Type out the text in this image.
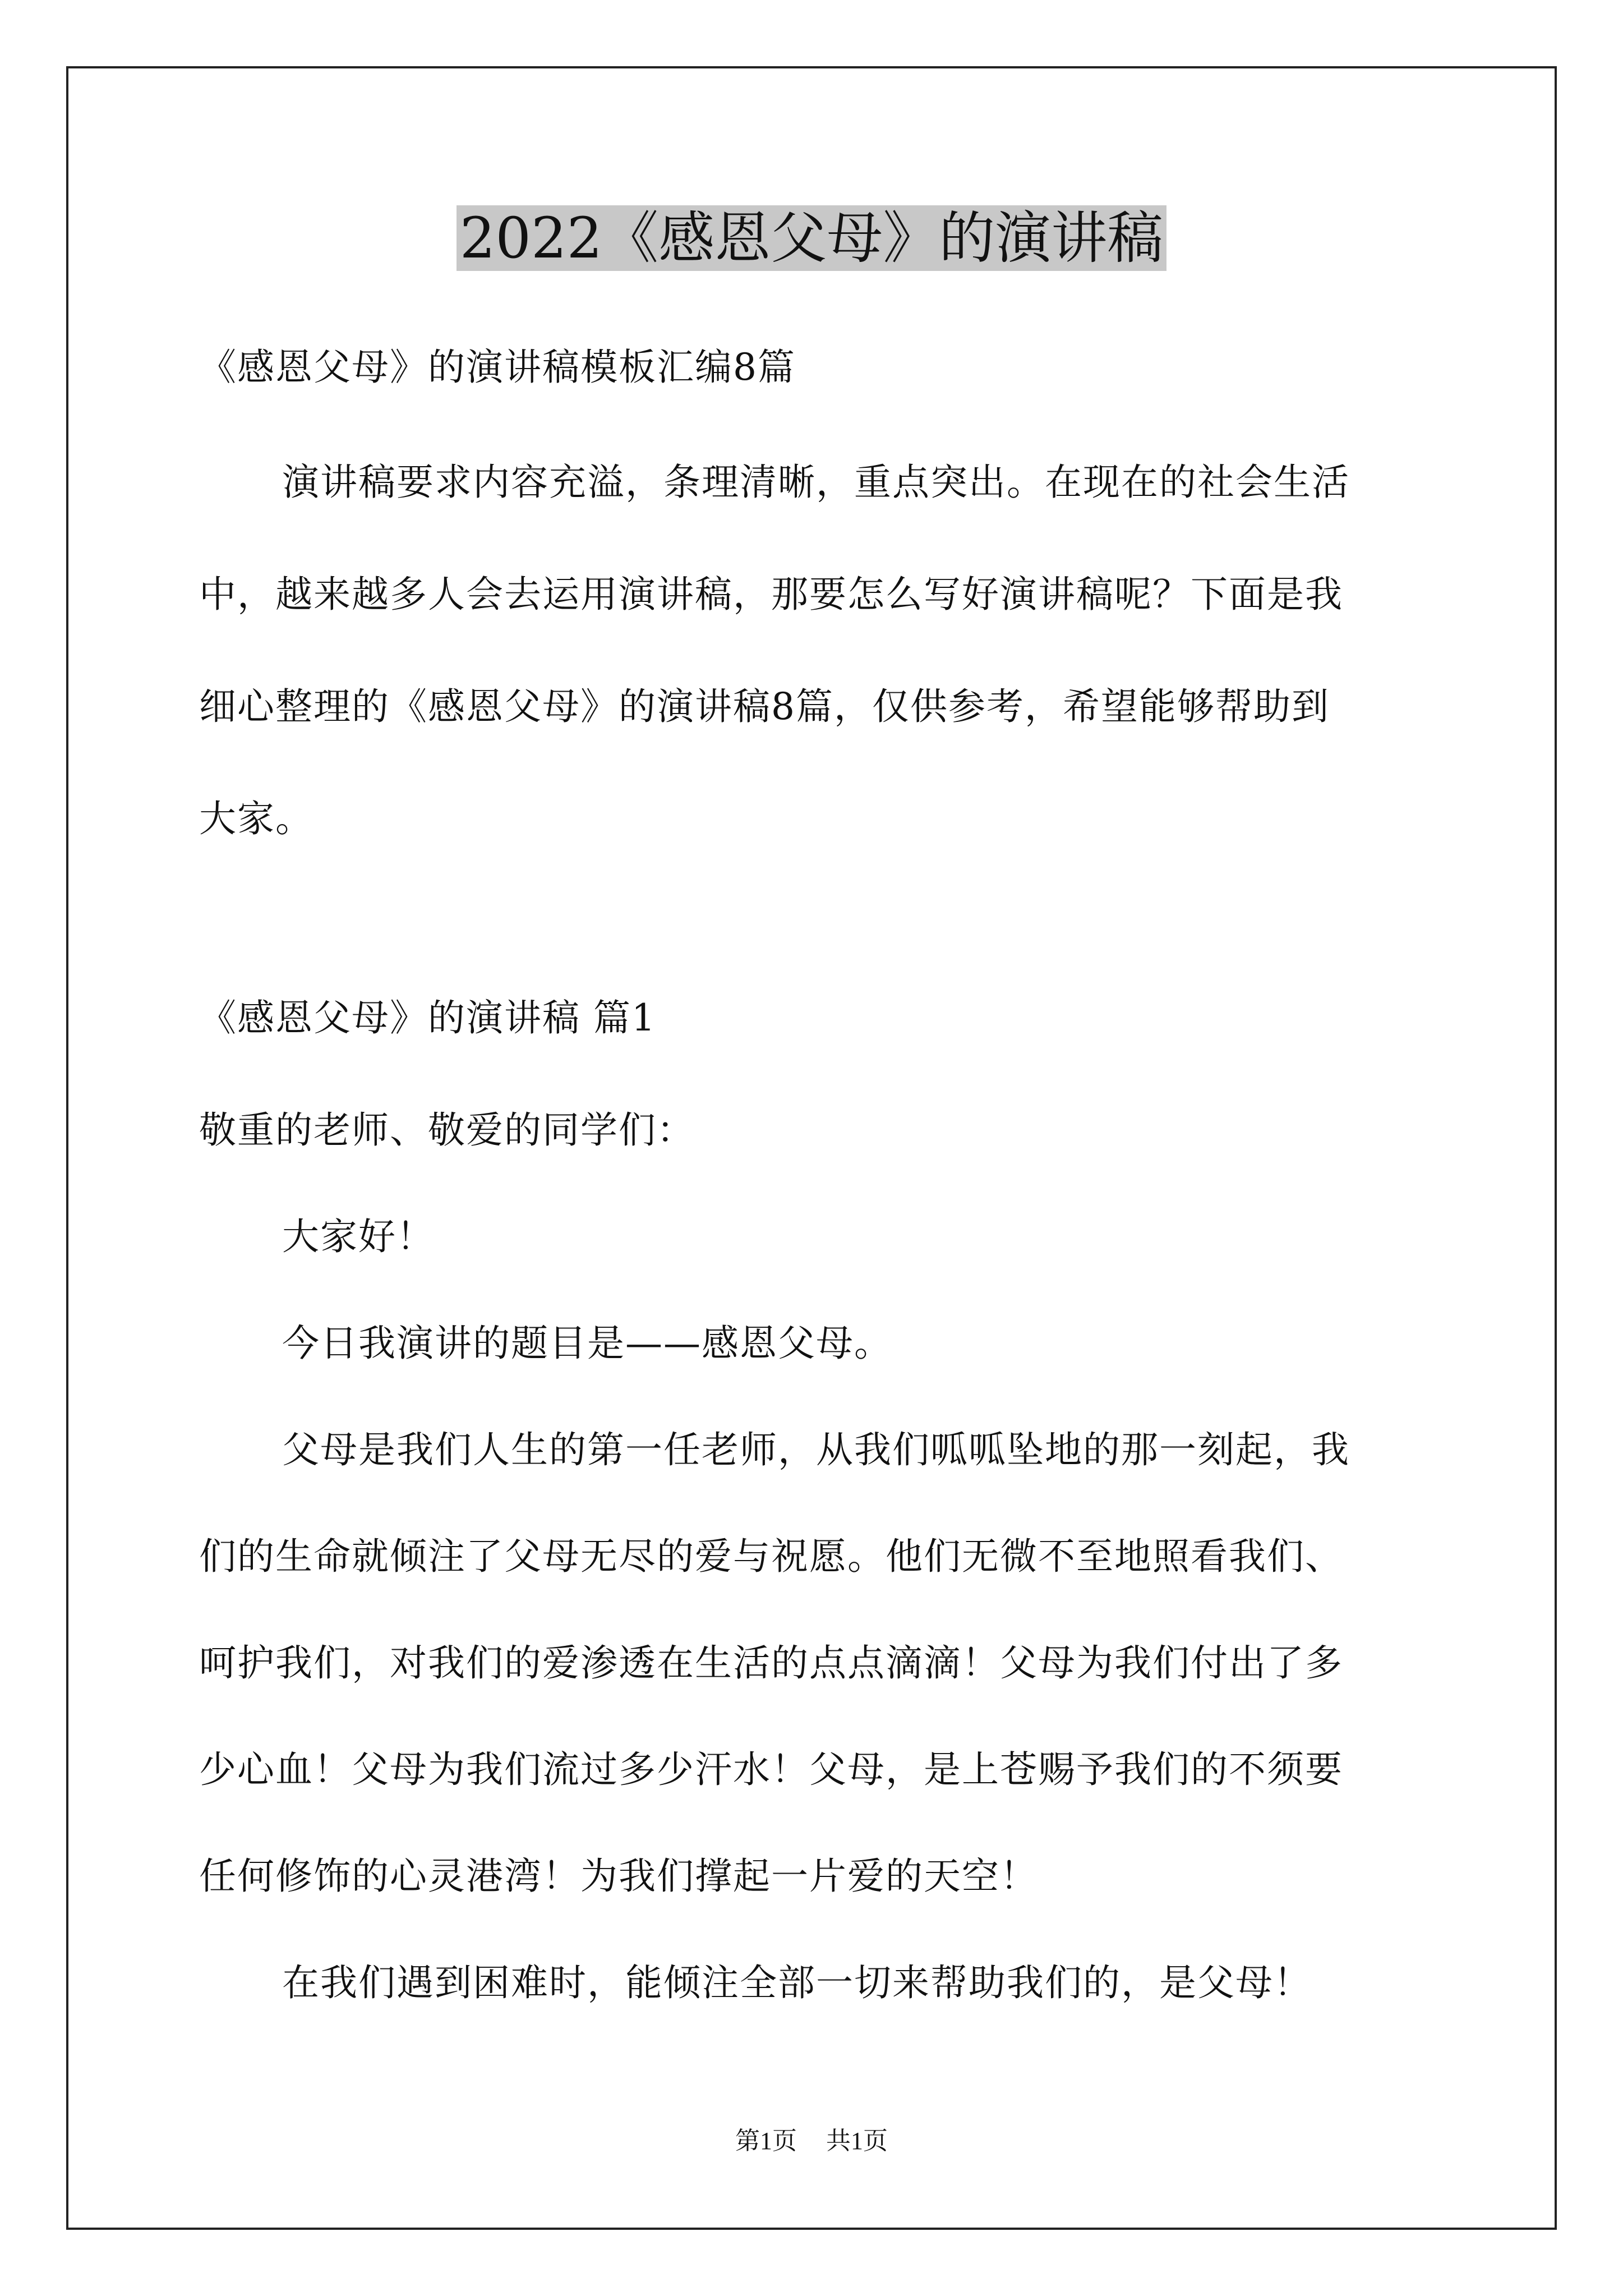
2022《感恩父母》的演讲稿
《感恩父母》的演讲稿模板汇编8篇
演讲稿要求内容充溢，条理清晰，重点突出。在现在的社会生活
中，越来越多人会去运用演讲稿，那要怎么写好演讲稿呢？下面是我
细心整理的《感恩父母》的演讲稿8篇，仅供参考，希望能够帮助到
大家。
《感恩父母》的演讲稿 篇1
敬重的老师、敬爱的同学们：
大家好！
今日我演讲的题目是——感恩父母。
父母是我们人生的第一任老师，从我们呱呱坠地的那一刻起，我
们的生命就倾注了父母无尽的爱与祝愿。他们无微不至地照看我们、
呵护我们，对我们的爱渗透在生活的点点滴滴！父母为我们付出了多
少心血！父母为我们流过多少汗水！父母，是上苍赐予我们的不须要
任何修饰的心灵港湾！为我们撑起一片爱的天空！
在我们遇到困难时，能倾注全部一切来帮助我们的，是父母！
第1页 共1页
